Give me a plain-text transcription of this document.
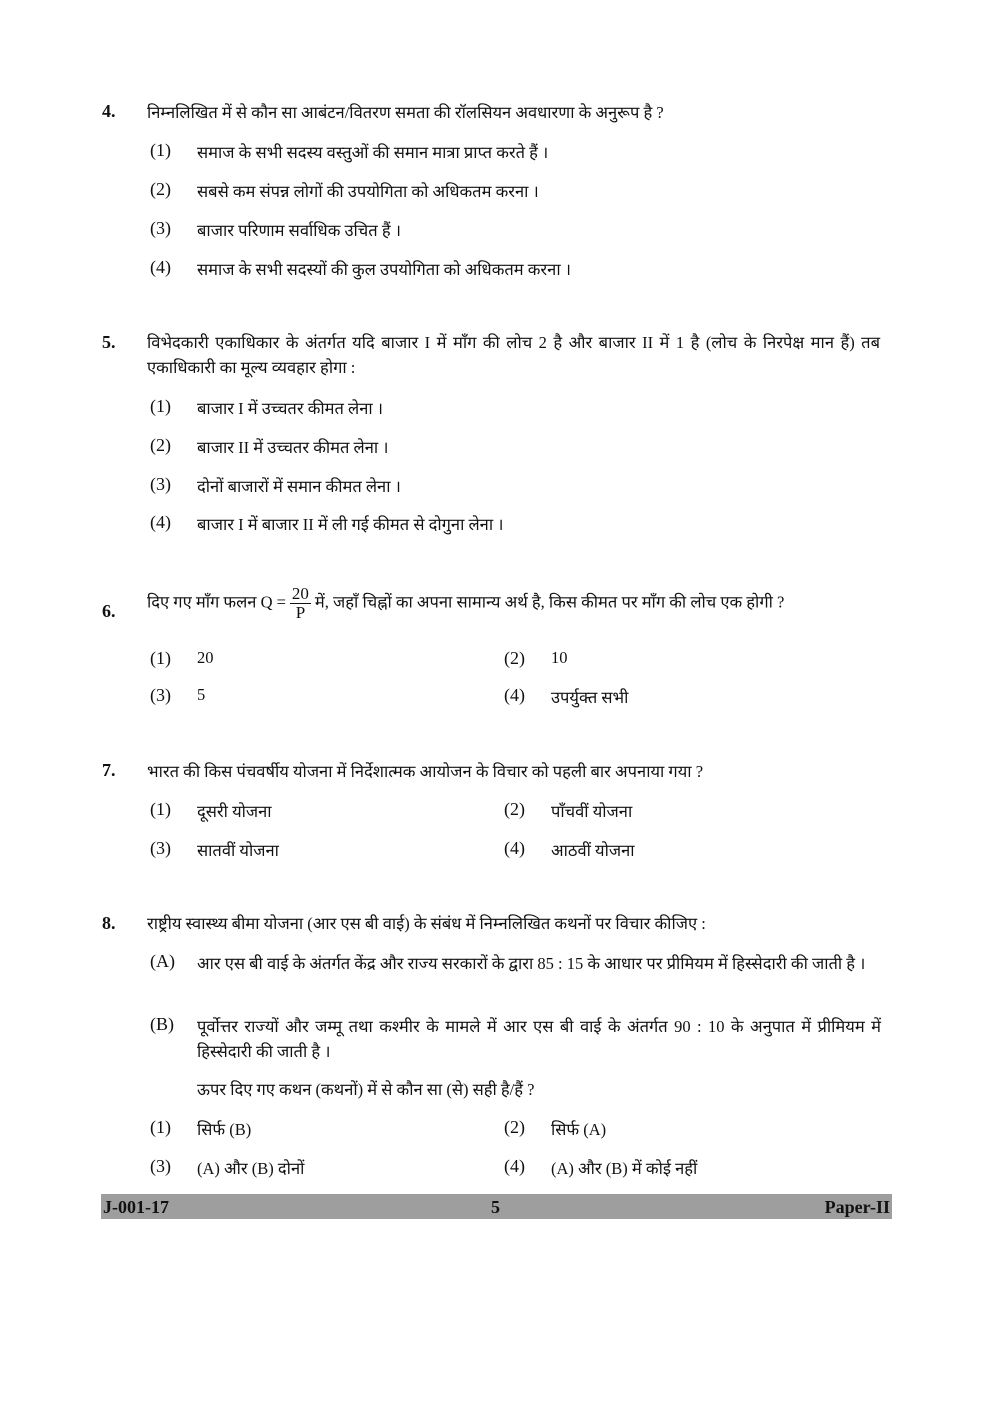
4. निम्नलिखित में से कौन सा आबंटन/वितरण समता की रॉलसियन अवधारणा के अनुरूप है ?
(1) समाज के सभी सदस्य वस्तुओं की समान मात्रा प्राप्त करते हैं ।
(2) सबसे कम संपन्न लोगों की उपयोगिता को अधिकतम करना ।
(3) बाजार परिणाम सर्वाधिक उचित हैं ।
(4) समाज के सभी सदस्यों की कुल उपयोगिता को अधिकतम करना ।
5. विभेदकारी एकाधिकार के अंतर्गत यदि बाजार I में माँग की लोच 2 है और बाजार II में 1 है (लोच के निरपेक्ष मान हैं) तब एकाधिकारी का मूल्य व्यवहार होगा :
(1) बाजार I में उच्चतर कीमत लेना ।
(2) बाजार II में उच्चतर कीमत लेना ।
(3) दोनों बाजारों में समान कीमत लेना ।
(4) बाजार I में बाजार II में ली गई कीमत से दोगुना लेना ।
6. दिए गए माँग फलन $Q = \frac{20}{P}$ में, जहाँ चिह्नों का अपना सामान्य अर्थ है, किस कीमत पर माँग की लोच एक होगी ?
(1) 20	(2) 10
(3) 5	(4) उपर्युक्त सभी
7. भारत की किस पंचवर्षीय योजना में निर्देशात्मक आयोजन के विचार को पहली बार अपनाया गया ?
(1) दूसरी योजना	(2) पाँचवीं योजना
(3) सातवीं योजना	(4) आठवीं योजना
8. राष्ट्रीय स्वास्थ्य बीमा योजना (आर एस बी वाई) के संबंध में निम्नलिखित कथनों पर विचार कीजिए :
(A) आर एस बी वाई के अंतर्गत केंद्र और राज्य सरकारों के द्वारा 85 : 15 के आधार पर प्रीमियम में हिस्सेदारी की जाती है ।
(B) पूर्वोत्तर राज्यों और जम्मू तथा कश्मीर के मामले में आर एस बी वाई के अंतर्गत 90 : 10 के अनुपात में प्रीमियम में हिस्सेदारी की जाती है ।
ऊपर दिए गए कथन (कथनों) में से कौन सा (से) सही है/हैं ?
(1) सिर्फ (B)	(2) सिर्फ (A)
(3) (A) और (B) दोनों	(4) (A) और (B) में कोई नहीं
J-001-17	5	Paper-II
